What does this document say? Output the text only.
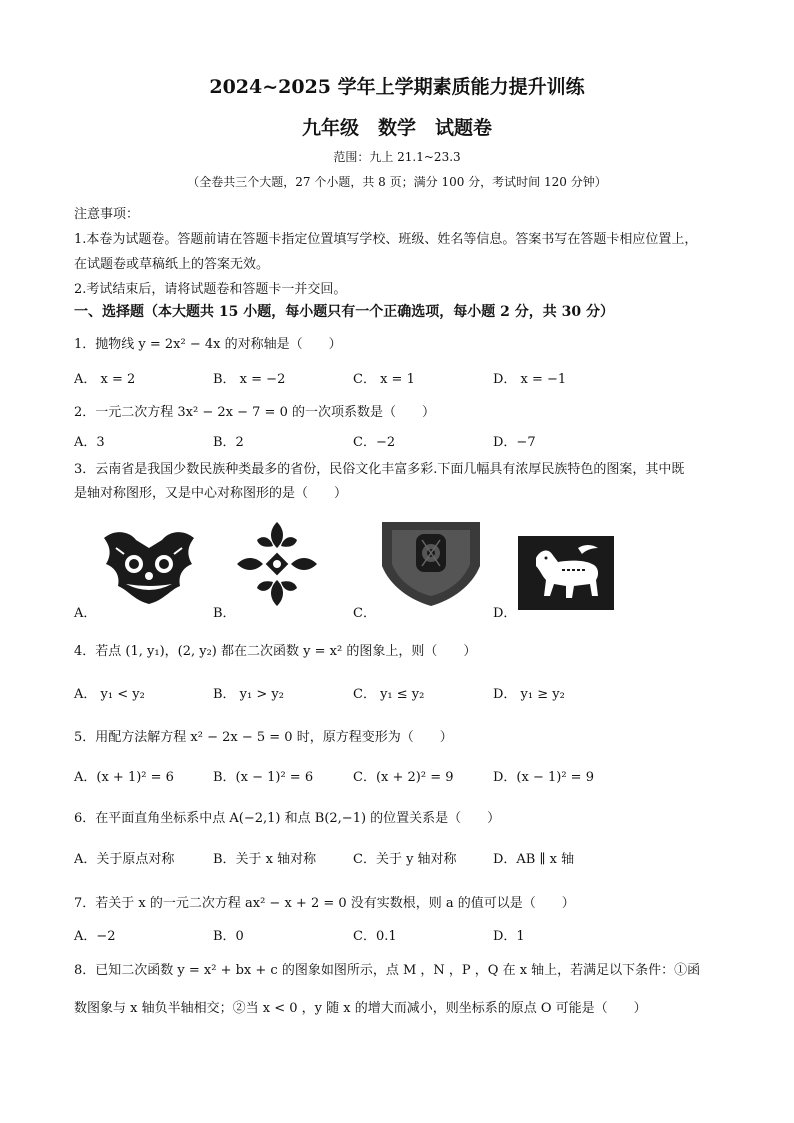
2024~2025 学年上学期素质能力提升训练
九年级　数学　试题卷
范围：九上 21.1~23.3
（全卷共三个大题，27 个小题，共 8 页；满分 100 分，考试时间 120 分钟）
注意事项：
1.本卷为试题卷。答题前请在答题卡指定位置填写学校、班级、姓名等信息。答案书写在答题卡相应位置上，
在试题卷或草稿纸上的答案无效。
2.考试结束后，请将试题卷和答题卡一并交回。
一、选择题（本大题共 15 小题，每小题只有一个正确选项，每小题 2 分，共 30 分）
1．抛物线 y = 2x² − 4x 的对称轴是（　　）
A． x = 2	B． x = −2	C． x = 1	D． x = −1
2．一元二次方程 3x² − 2x − 7 = 0 的一次项系数是（　　）
A．3	B．2	C．−2	D．−7
3．云南省是我国少数民族种类最多的省份，民俗文化丰富多彩.下面几幅具有浓厚民族特色的图案，其中既
是轴对称图形，又是中心对称图形的是（　　）
A．	B．	C．	D．
4．若点 (1, y₁)，(2, y₂) 都在二次函数 y = x² 的图象上，则（　　）
A． y₁ < y₂	B． y₁ > y₂	C． y₁ ≤ y₂	D． y₁ ≥ y₂
5．用配方法解方程 x² − 2x − 5 = 0 时，原方程变形为（　　）
A．(x + 1)² = 6	B．(x − 1)² = 6	C．(x + 2)² = 9	D．(x − 1)² = 9
6．在平面直角坐标系中点 A(−2,1) 和点 B(2,−1) 的位置关系是（　　）
A．关于原点对称	B．关于 x 轴对称	C．关于 y 轴对称	D．AB ∥ x 轴
7．若关于 x 的一元二次方程 ax² − x + 2 = 0 没有实数根，则 a 的值可以是（　　）
A．−2	B．0	C．0.1	D．1
8．已知二次函数 y = x² + bx + c 的图象如图所示，点 M ，N ，P ，Q 在 x 轴上，若满足以下条件：①函
数图象与 x 轴负半轴相交；②当 x < 0 ，y 随 x 的增大而减小，则坐标系的原点 O 可能是（　　）
